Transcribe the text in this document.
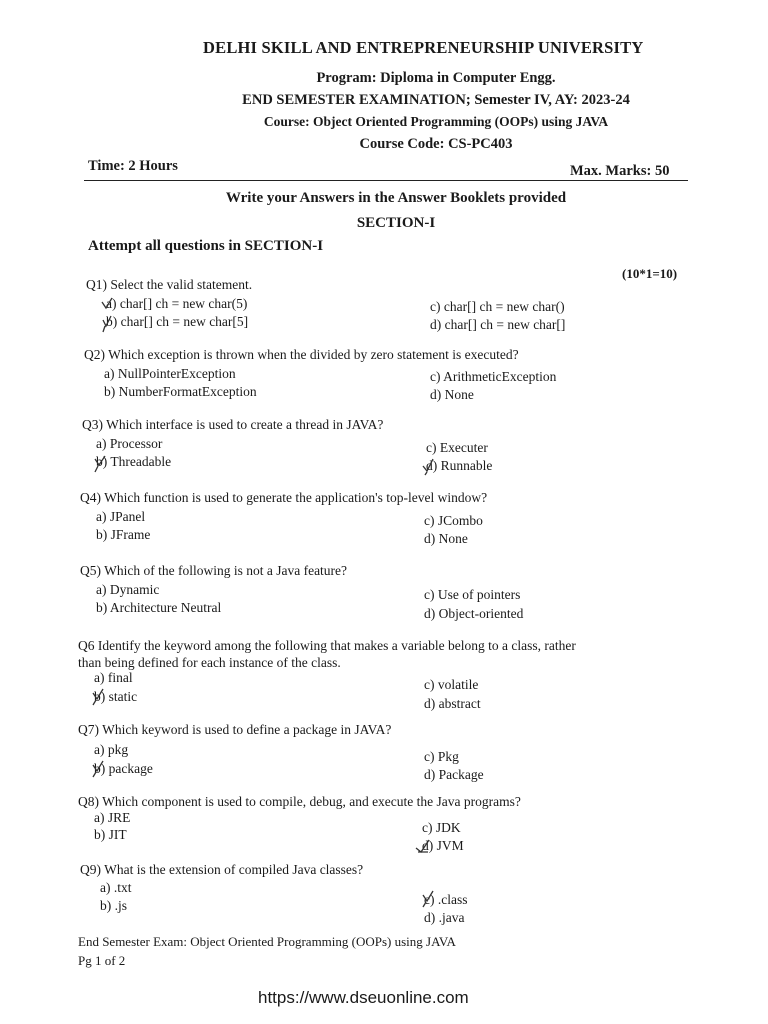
DELHI SKILL AND ENTREPRENEURSHIP UNIVERSITY
Program: Diploma in Computer Engg.
END SEMESTER EXAMINATION; Semester IV, AY: 2023-24
Course: Object Oriented Programming (OOPs) using JAVA
Course Code: CS-PC403
Time: 2 Hours	Max. Marks: 50
Write your Answers in the Answer Booklets provided
SECTION-I
Attempt all questions in SECTION-I
(10*1=10)
Q1) Select the valid statement.
a) char[] ch = new char(5)
b) char[] ch = new char[5]
c) char[] ch = new char()
d) char[] ch = new char[]
Q2) Which exception is thrown when the divided by zero statement is executed?
a) NullPointerException
b) NumberFormatException
c) ArithmeticException
d) None
Q3) Which interface is used to create a thread in JAVA?
a) Processor
b) Threadable
c) Executer
d) Runnable
Q4) Which function is used to generate the application's top-level window?
a) JPanel
b) JFrame
c) JCombo
d) None
Q5) Which of the following is not a Java feature?
a) Dynamic
b) Architecture Neutral
c) Use of pointers
d) Object-oriented
Q6 Identify the keyword among the following that makes a variable belong to a class, rather
than being defined for each instance of the class.
a) final
b) static
c) volatile
d) abstract
Q7) Which keyword is used to define a package in JAVA?
a) pkg
b) package
c) Pkg
d) Package
Q8) Which component is used to compile, debug, and execute the Java programs?
a) JRE
b) JIT	c) JDK
d) JVM
Q9) What is the extension of compiled Java classes?
a) .txt
b) .js	c) .class
d) .java
End Semester Exam: Object Oriented Programming (OOPs) using JAVA
Pg 1 of 2
https://www.dseuonline.com
